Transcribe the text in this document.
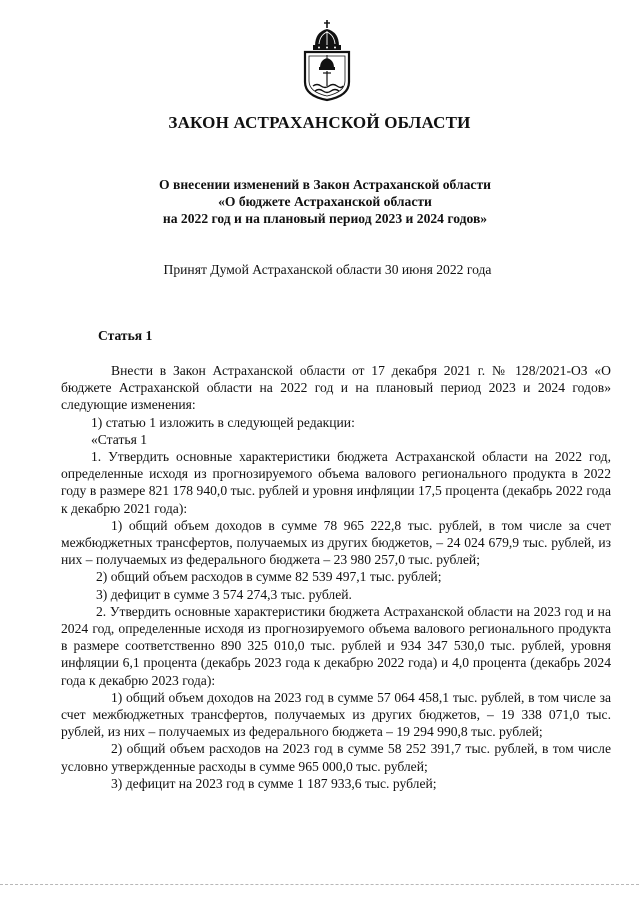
ЗАКОН АСТРАХАНСКОЙ ОБЛАСТИ
О внесении изменений в Закон Астраханской области
«О бюджете Астраханской области
на 2022 год и на плановый период 2023 и 2024 годов»
Принят Думой Астраханской области 30 июня 2022 года
Статья 1

Внести в Закон Астраханской области от 17 декабря 2021 г. № 128/2021-ОЗ «О бюджете Астраханской области на 2022 год и на плановый период 2023 и 2024 годов» следующие изменения:

1) статью 1 изложить в следующей редакции:

«Статья 1

1. Утвердить основные характеристики бюджета Астраханской области на 2022 год, определенные исходя из прогнозируемого объема валового регионального продукта в 2022 году в размере 821 178 940,0 тыс. рублей и уровня инфляции 17,5 процента (декабрь 2022 года к декабрю 2021 года):

1) общий объем доходов в сумме 78 965 222,8 тыс. рублей, в том числе за счет межбюджетных трансфертов, получаемых из других бюджетов, – 24 024 679,9 тыс. рублей, из них – получаемых из федерального бюджета – 23 980 257,0 тыс. рублей;

2) общий объем расходов в сумме 82 539 497,1 тыс. рублей;

3) дефицит в сумме 3 574 274,3 тыс. рублей.

2. Утвердить основные характеристики бюджета Астраханской области на 2023 год и на 2024 год, определенные исходя из прогнозируемого объема валового регионального продукта в размере соответственно 890 325 010,0 тыс. рублей и 934 347 530,0 тыс. рублей, уровня инфляции 6,1 процента (декабрь 2023 года к декабрю 2022 года) и 4,0 процента (декабрь 2024 года к декабрю 2023 года):

1) общий объем доходов на 2023 год в сумме 57 064 458,1 тыс. рублей, в том числе за счет межбюджетных трансфертов, получаемых из других бюджетов, – 19 338 071,0 тыс. рублей, из них – получаемых из федерального бюджета – 19 294 990,8 тыс. рублей;

2) общий объем расходов на 2023 год в сумме 58 252 391,7 тыс. рублей, в том числе условно утвержденные расходы в сумме 965 000,0 тыс. рублей;

3) дефицит на 2023 год в сумме 1 187 933,6 тыс. рублей;
